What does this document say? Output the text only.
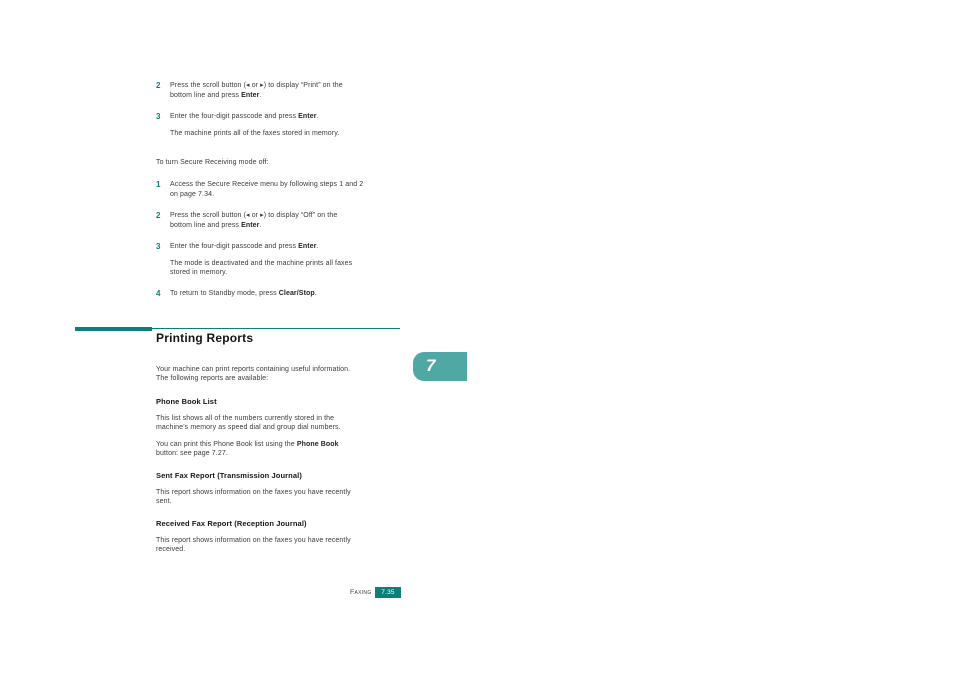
2 Press the scroll button (◂ or ▸) to display “Print” on the
bottom line and press Enter.
3 Enter the four-digit passcode and press Enter.
The machine prints all of the faxes stored in memory.
To turn Secure Receiving mode off:
1 Access the Secure Receive menu by following steps 1 and 2
on page 7.34.
2 Press the scroll button (◂ or ▸) to display “Off” on the
bottom line and press Enter.
3 Enter the four-digit passcode and press Enter.
The mode is deactivated and the machine prints all faxes
stored in memory.
4 To return to Standby mode, press Clear/Stop.
Printing Reports
7
Your machine can print reports containing useful information.
The following reports are available:
Phone Book List
This list shows all of the numbers currently stored in the
machine’s memory as speed dial and group dial numbers.
You can print this Phone Book list using the Phone Book
button: see page 7.27.
Sent Fax Report (Transmission Journal)
This report shows information on the faxes you have recently
sent.
Received Fax Report (Reception Journal)
This report shows information on the faxes you have recently
received.
Faxing	7.35
